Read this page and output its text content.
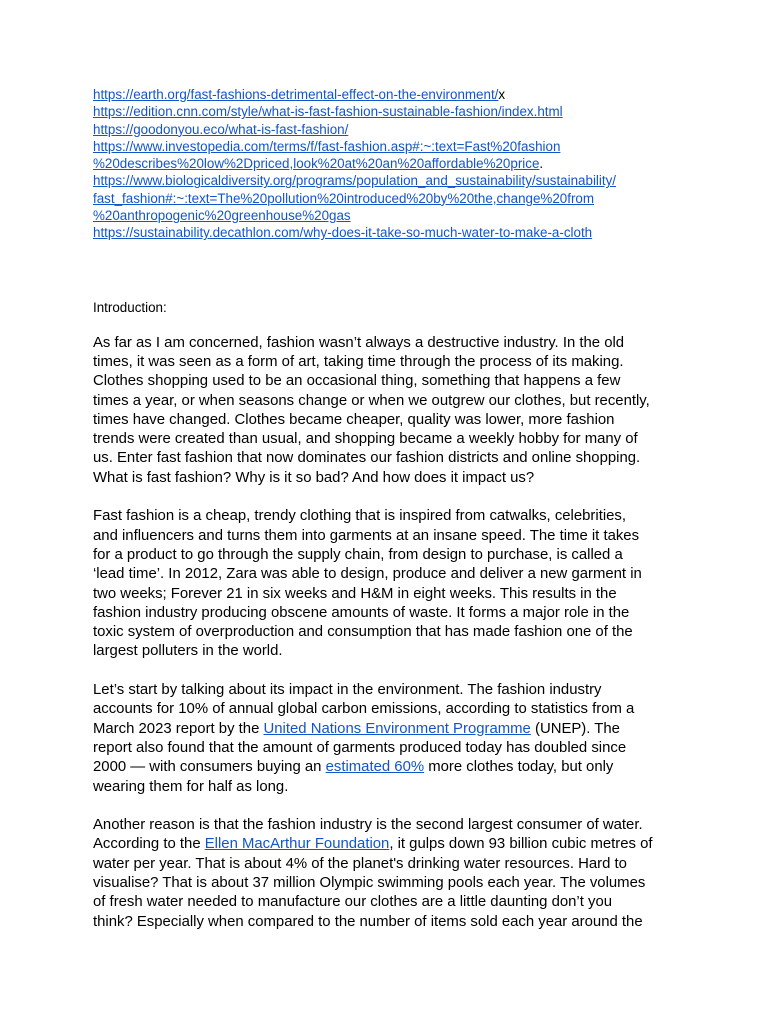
https://earth.org/fast-fashions-detrimental-effect-on-the-environment/x
https://edition.cnn.com/style/what-is-fast-fashion-sustainable-fashion/index.html
https://goodonyou.eco/what-is-fast-fashion/
https://www.investopedia.com/terms/f/fast-fashion.asp#:~:text=Fast%20fashion
%20describes%20low%2Dpriced,look%20at%20an%20affordable%20price.
https://www.biologicaldiversity.org/programs/population_and_sustainability/sustainability/
fast_fashion#:~:text=The%20pollution%20introduced%20by%20the,change%20from
%20anthropogenic%20greenhouse%20gas
https://sustainability.decathlon.com/why-does-it-take-so-much-water-to-make-a-cloth
Introduction:
As far as I am concerned, fashion wasn’t always a destructive industry. In the old
times, it was seen as a form of art, taking time through the process of its making.
Clothes shopping used to be an occasional thing, something that happens a few
times a year, or when seasons change or when we outgrew our clothes, but recently,
times have changed. Clothes became cheaper, quality was lower, more fashion
trends were created than usual, and shopping became a weekly hobby for many of
us. Enter fast fashion that now dominates our fashion districts and online shopping.
What is fast fashion? Why is it so bad? And how does it impact us?
Fast fashion is a cheap, trendy clothing that is inspired from catwalks, celebrities,
and influencers and turns them into garments at an insane speed. The time it takes
for a product to go through the supply chain, from design to purchase, is called a
‘lead time’. In 2012, Zara was able to design, produce and deliver a new garment in
two weeks; Forever 21 in six weeks and H&M in eight weeks. This results in the
fashion industry producing obscene amounts of waste. It forms a major role in the
toxic system of overproduction and consumption that has made fashion one of the
largest polluters in the world.
Let’s start by talking about its impact in the environment. The fashion industry
accounts for 10% of annual global carbon emissions, according to statistics from a
March 2023 report by the United Nations Environment Programme (UNEP). The
report also found that the amount of garments produced today has doubled since
2000 — with consumers buying an estimated 60% more clothes today, but only
wearing them for half as long.
Another reason is that the fashion industry is the second largest consumer of water.
According to the Ellen MacArthur Foundation, it gulps down 93 billion cubic metres of
water per year. That is about 4% of the planet's drinking water resources. Hard to
visualise? That is about 37 million Olympic swimming pools each year. The volumes
of fresh water needed to manufacture our clothes are a little daunting don’t you
think? Especially when compared to the number of items sold each year around the
